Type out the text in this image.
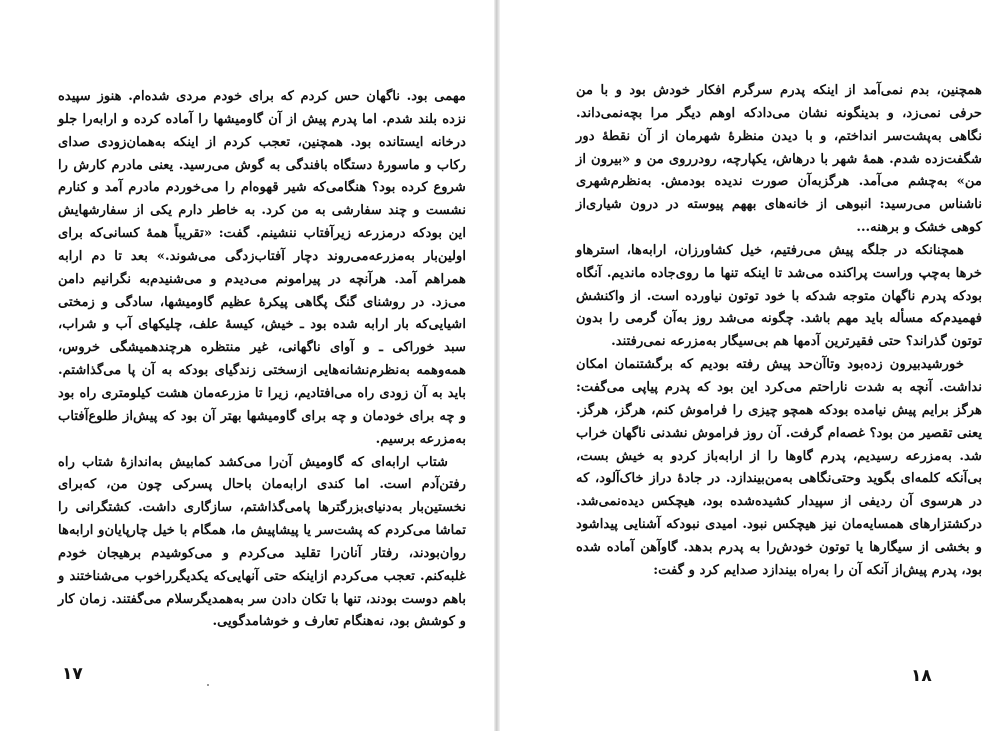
مهمی بود. ناگهان حس کردم که برای خودم مردی شده‌ام. هنوز سپیده نزده بلند شدم. اما پدرم پیش از آن گاومیشها را آماده کرده و ارابه‌را جلو درخانه ایستانده بود. همچنین، تعجب کردم از اینکه به‌همان‌زودی صدای رکاب و ماسورهٔ دستگاه بافندگی به گوش می‌رسید. یعنی مادرم کارش را شروع کرده بود؟ هنگامی‌که شیر قهوه‌ام را می‌خوردم مادرم آمد و کنارم نشست و چند سفارشی به من کرد. به خاطر دارم یکی از سفارشهایش این بودکه درمزرعه زیرآفتاب ننشینم. گفت: «تقریباً همهٔ کسانی‌که برای اولین‌بار به‌مزرعه‌می‌روند دچار آفتاب‌زدگی می‌شوند.» بعد تا دم ارابه همراهم آمد. هرآنچه در پیرامونم می‌دیدم و می‌شنیدم‌به نگرانیم دامن می‌زد. در روشنای گنگ پگاهی پیکرهٔ عظیم گاومیشها، سادگی و زمختی اشیایی‌که بار ارابه شده بود ـ خیش، کیسهٔ علف، چلیکهای آب و شراب، سبد خوراکی ـ و آوای ناگهانی، غیر منتظره هرچندهمیشگی خروس، همه‌وهمه به‌نظرم‌نشانه‌هایی ازسختی زندگیای بودکه به آن پا می‌گذاشتم. باید به آن زودی راه می‌افتادیم، زیرا تا مزرعه‌مان هشت کیلومتری راه بود و چه برای خودمان و چه برای گاومیشها بهتر آن بود که پیش‌از طلوع‌آفتاب به‌مزرعه برسیم.

شتاب ارابه‌ای که گاومیش آن‌را می‌کشد کمابیش به‌اندازهٔ شتاب راه رفتن‌آدم است. اما کندی ارابه‌مان باحال پسرکی چون من، که‌برای نخستین‌بار به‌دنیای‌بزرگترها پامی‌گذاشتم، سازگاری داشت. کشتگرانی را تماشا می‌کردم که پشت‌سر یا پیشاپیش ما، همگام با خیل چارپایان‌و ارابه‌ها روان‌بودند، رفتار آنان‌را تقلید می‌کردم و می‌کوشیدم برهیجان خودم غلبه‌کنم. تعجب می‌کردم ازاینکه حتی آنهایی‌که یکدیگرراخوب می‌شناختند و باهم دوست بودند، تنها با تکان دادن سر به‌همدیگرسلام می‌گفتند. زمان کار و کوشش بود، نه‌هنگام تعارف و خوشامدگویی.

۱۷

همچنین، بدم نمی‌آمد از اینکه پدرم سرگرم افکار خودش بود و با من حرفی نمی‌زد، و بدینگونه نشان می‌دادکه اوهم دیگر مرا بچه‌نمی‌داند. نگاهی به‌پشت‌سر انداختم، و با دیدن منظرهٔ شهرمان از آن نقطهٔ دور شگفت‌زده شدم. همهٔ شهر با درهاش، یکپارچه، رودرروی من و «بیرون از من» به‌چشم می‌آمد. هرگزبه‌آن صورت ندیده بودمش. به‌نظرم‌شهری ناشناس می‌رسید: انبوهی از خانه‌های بههم پیوسته در درون شیاری‌از کوهی خشک و برهنه...

همچنانکه در جلگه پیش می‌رفتیم، خیل کشاورزان، ارابه‌ها، استرهاو خرها به‌چپ وراست پراکنده می‌شد تا اینکه تنها ما روی‌جاده ماندیم. آنگاه بودکه پدرم ناگهان متوجه شدکه با خود توتون نیاورده است. از واکنشش فهمیدم‌که مسأله باید مهم باشد. چگونه می‌شد روز به‌آن گرمی را بدون توتون گذراند؟ حتی فقیرترین آدمها هم بی‌سیگار به‌مزرعه نمی‌رفتند.

خورشیدبیرون زده‌بود وتاآن‌حد پیش رفته بودیم که برگشتنمان امکان نداشت. آنچه به شدت ناراحتم می‌کرد این بود که پدرم پیاپی می‌گفت: هرگز برایم پیش نیامده بودکه همچو چیزی را فراموش کنم، هرگز، هرگز. یعنی تقصیر من بود؟ غصه‌ام گرفت. آن روز فراموش نشدنی ناگهان خراب شد. به‌مزرعه رسیدیم، پدرم گاوها را از ارابه‌باز کردو به خیش بست، بی‌آنکه کلمه‌ای بگوید وحتی‌نگاهی به‌من‌بیندازد. در جادهٔ دراز خاک‌آلود، که در هرسوی آن ردیفی از سپیدار کشیده‌شده بود، هیچکس دیده‌نمی‌شد. درکشتزارهای همسایه‌مان نیز هیچکس نبود. امیدی نبودکه آشنایی پیداشود و بخشی از سیگارها یا توتون خودش‌را به پدرم بدهد. گاوآهن آماده شده بود، پدرم پیش‌از آنکه آن را به‌راه بیندازد صدایم کرد و گفت:

۱۸
